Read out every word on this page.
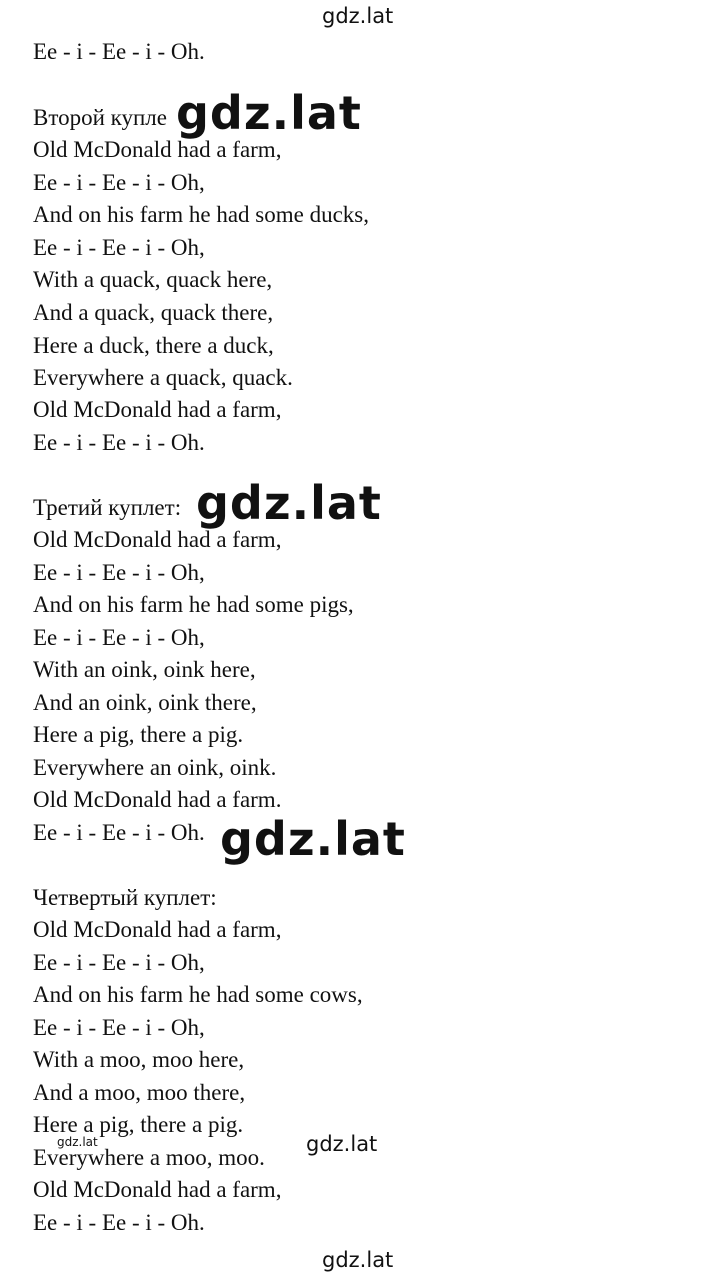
gdz.lat
gdz.lat
gdz.lat
gdz.lat
gdz.lat
gdz.lat
gdz.lat
Ee - i - Ee - i - Oh.
Второй купле
Old McDonald had a farm,
Ee - i - Ee - i - Oh,
And on his farm he had some ducks,
Ee - i - Ee - i - Oh,
With a quack, quack here,
And a quack, quack there,
Here a duck, there a duck,
Everywhere a quack, quack.
Old McDonald had a farm,
Ee - i - Ee - i - Oh.
Третий куплет:
Old McDonald had a farm,
Ee - i - Ee - i - Oh,
And on his farm he had some pigs,
Ee - i - Ee - i - Oh,
With an oink, oink here,
And an oink, oink there,
Here a pig, there a pig.
Everywhere an oink, oink.
Old McDonald had a farm.
Ee - i - Ee - i - Oh.
Четвертый куплет:
Old McDonald had a farm,
Ee - i - Ee - i - Oh,
And on his farm he had some cows,
Ee - i - Ee - i - Oh,
With a moo, moo here,
And a moo, moo there,
Here a pig, there a pig.
Everywhere a moo, moo.
Old McDonald had a farm,
Ee - i - Ee - i - Oh.
